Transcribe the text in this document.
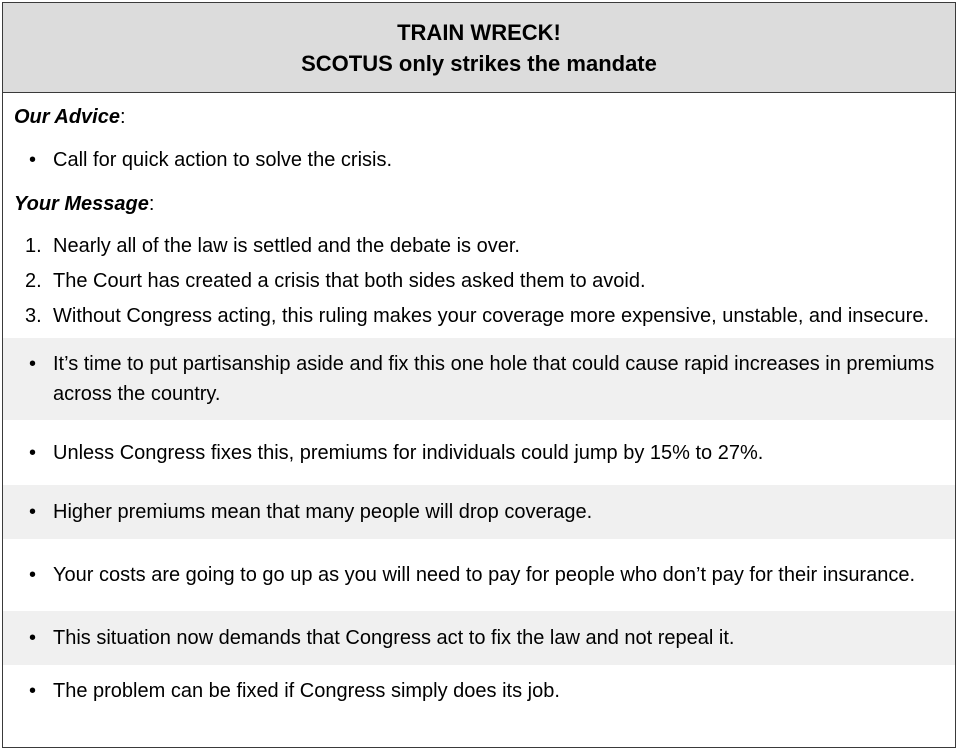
TRAIN WRECK!
SCOTUS only strikes the mandate
Our Advice:
• Call for quick action to solve the crisis.
Your Message:
1. Nearly all of the law is settled and the debate is over.
2. The Court has created a crisis that both sides asked them to avoid.
3. Without Congress acting, this ruling makes your coverage more expensive, unstable, and insecure.
• It’s time to put partisanship aside and fix this one hole that could cause rapid increases in premiums across the country.
• Unless Congress fixes this, premiums for individuals could jump by 15% to 27%.
• Higher premiums mean that many people will drop coverage.
• Your costs are going to go up as you will need to pay for people who don’t pay for their insurance.
• This situation now demands that Congress act to fix the law and not repeal it.
• The problem can be fixed if Congress simply does its job.
